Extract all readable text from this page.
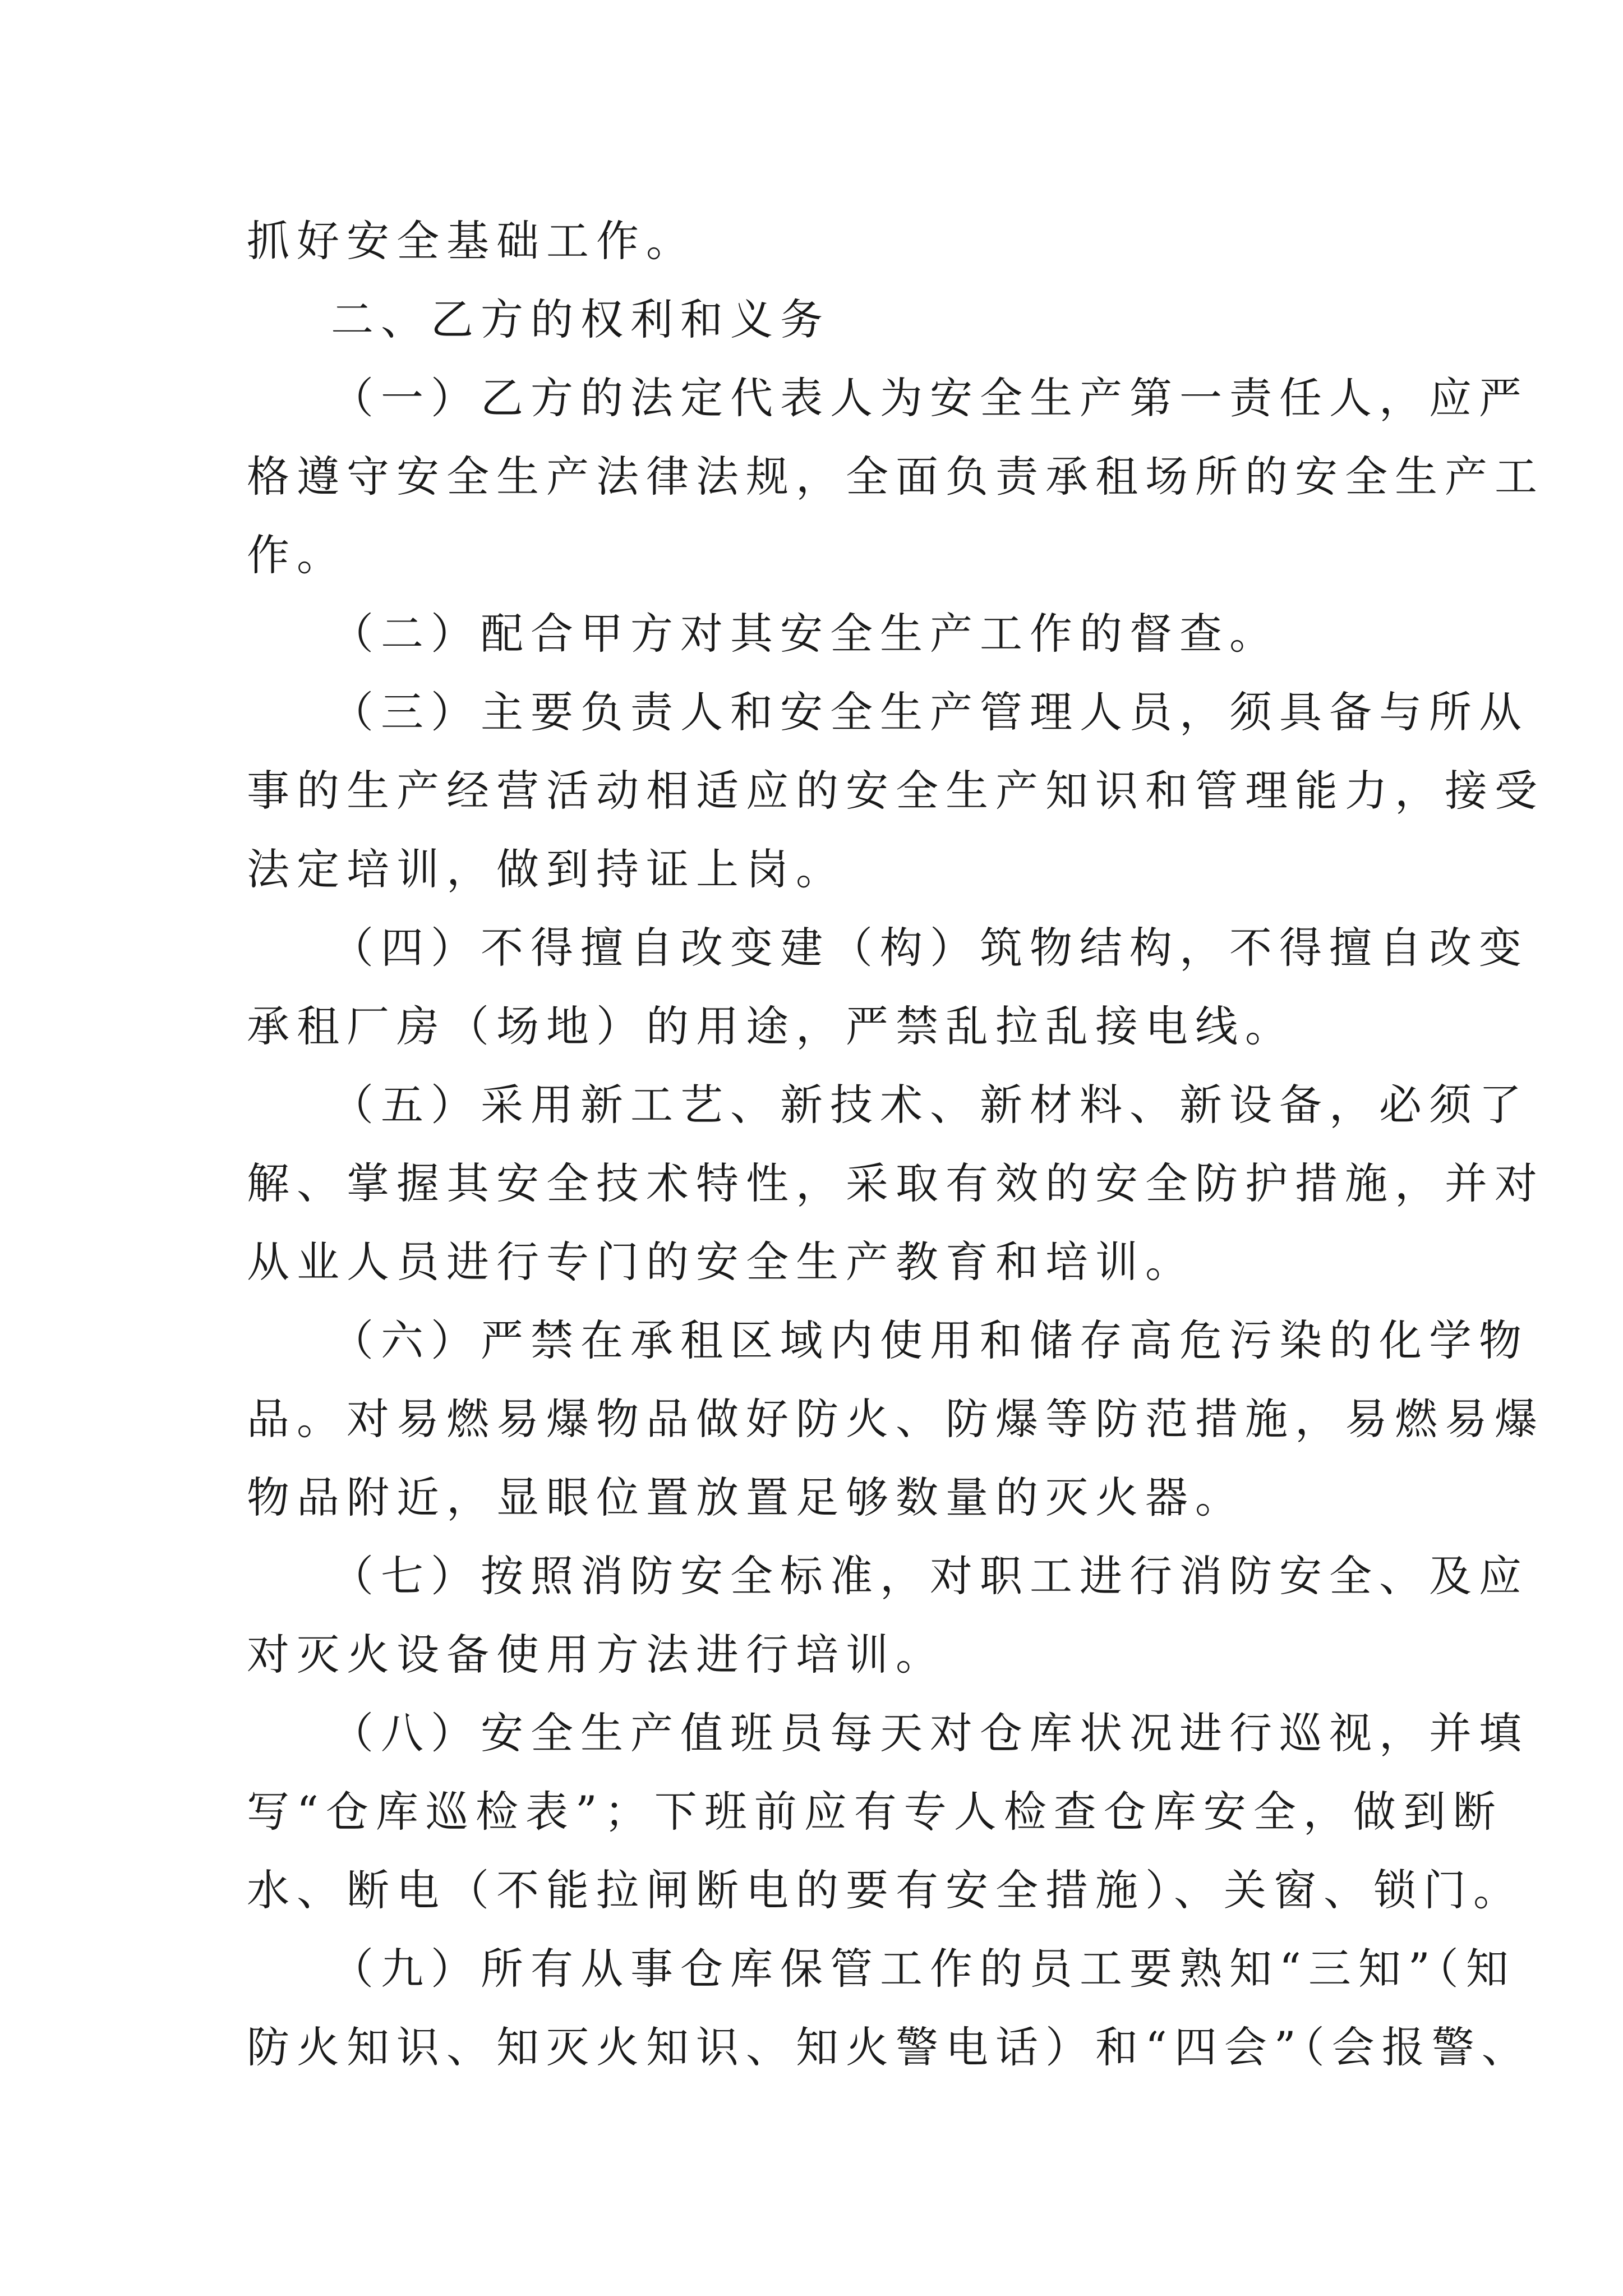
抓好安全基础工作。
二、乙方的权利和义务
（一）乙方的法定代表人为安全生产第一责任人，应严
格遵守安全生产法律法规，全面负责承租场所的安全生产工
作。
（二）配合甲方对其安全生产工作的督查。
（三）主要负责人和安全生产管理人员，须具备与所从
事的生产经营活动相适应的安全生产知识和管理能力，接受
法定培训，做到持证上岗。
（四）不得擅自改变建（构）筑物结构，不得擅自改变
承租厂房（场地）的用途，严禁乱拉乱接电线。
（五）采用新工艺、新技术、新材料、新设备，必须了
解、掌握其安全技术特性，采取有效的安全防护措施，并对
从业人员进行专门的安全生产教育和培训。
（六）严禁在承租区域内使用和储存高危污染的化学物
品。对易燃易爆物品做好防火、防爆等防范措施，易燃易爆
物品附近，显眼位置放置足够数量的灭火器。
（七）按照消防安全标准，对职工进行消防安全、及应
对灭火设备使用方法进行培训。
（八）安全生产值班员每天对仓库状况进行巡视，并填
写“仓库巡检表”；下班前应有专人检查仓库安全，做到断
水、断电（不能拉闸断电的要有安全措施）、关窗、锁门。
（九）所有从事仓库保管工作的员工要熟知“三知”（知
防火知识、知灭火知识、知火警电话）和“四会”（会报警、
